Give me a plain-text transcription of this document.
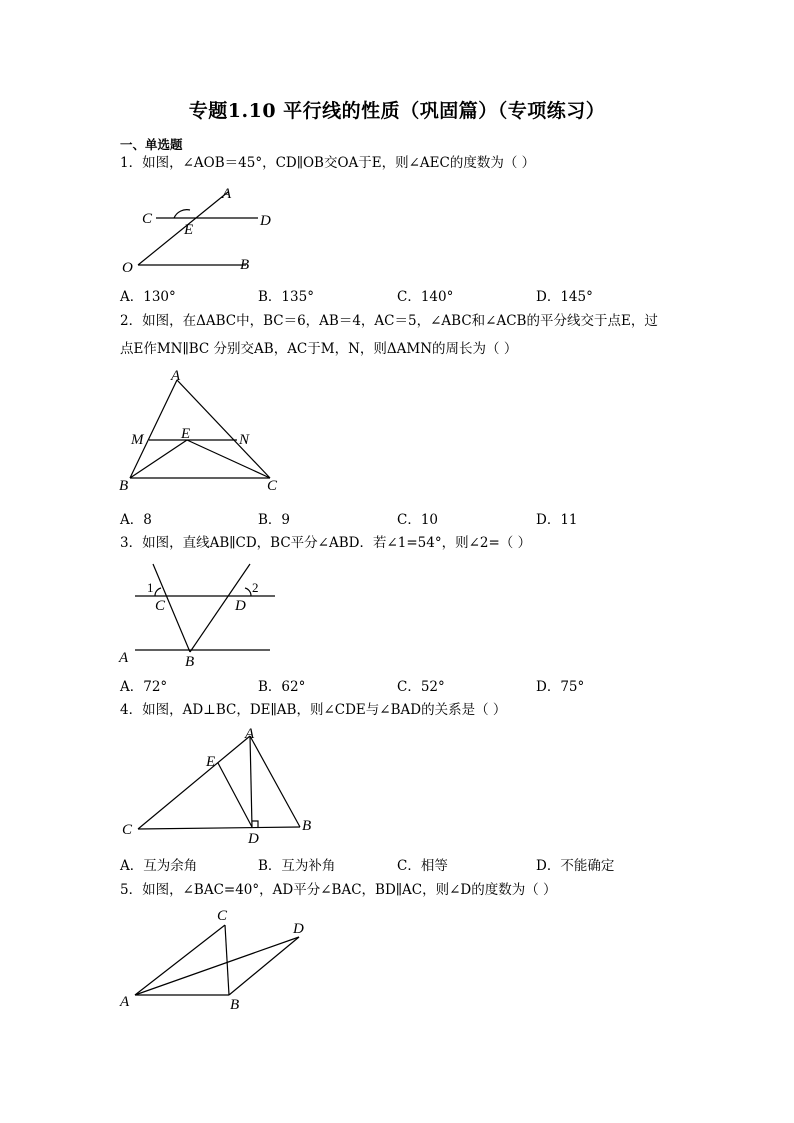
专题1.10 平行线的性质（巩固篇）（专项练习）
一、单选题
1．如图，∠AOB＝45°，CD∥OB交OA于E，则∠AEC的度数为（ ）
A
C	D
E
O	B
A．130°	B．135°	C．140°	D．145°
2．如图，在ΔABC中，BC＝6，AB＝4，AC＝5，∠ABC和∠ACB的平分线交于点E，过
点E作MN∥BC 分别交AB，AC于M，N，则ΔAMN的周长为（ ）
A
M	E	N
B	C
A．8	B．9	C．10	D．11
3．如图，直线AB∥CD，BC平分∠ABD．若∠1=54°，则∠2=（ ）
1	2
C	D
A	B
A．72°	B．62°	C．52°	D．75°
4．如图，AD⊥BC，DE∥AB，则∠CDE与∠BAD的关系是（ ）
A
E
C
D
B
A．互为余角	B．互为补角	C．相等	D．不能确定
5．如图，∠BAC=40°，AD平分∠BAC，BD∥AC，则∠D的度数为（ ）
C
D
A	B
